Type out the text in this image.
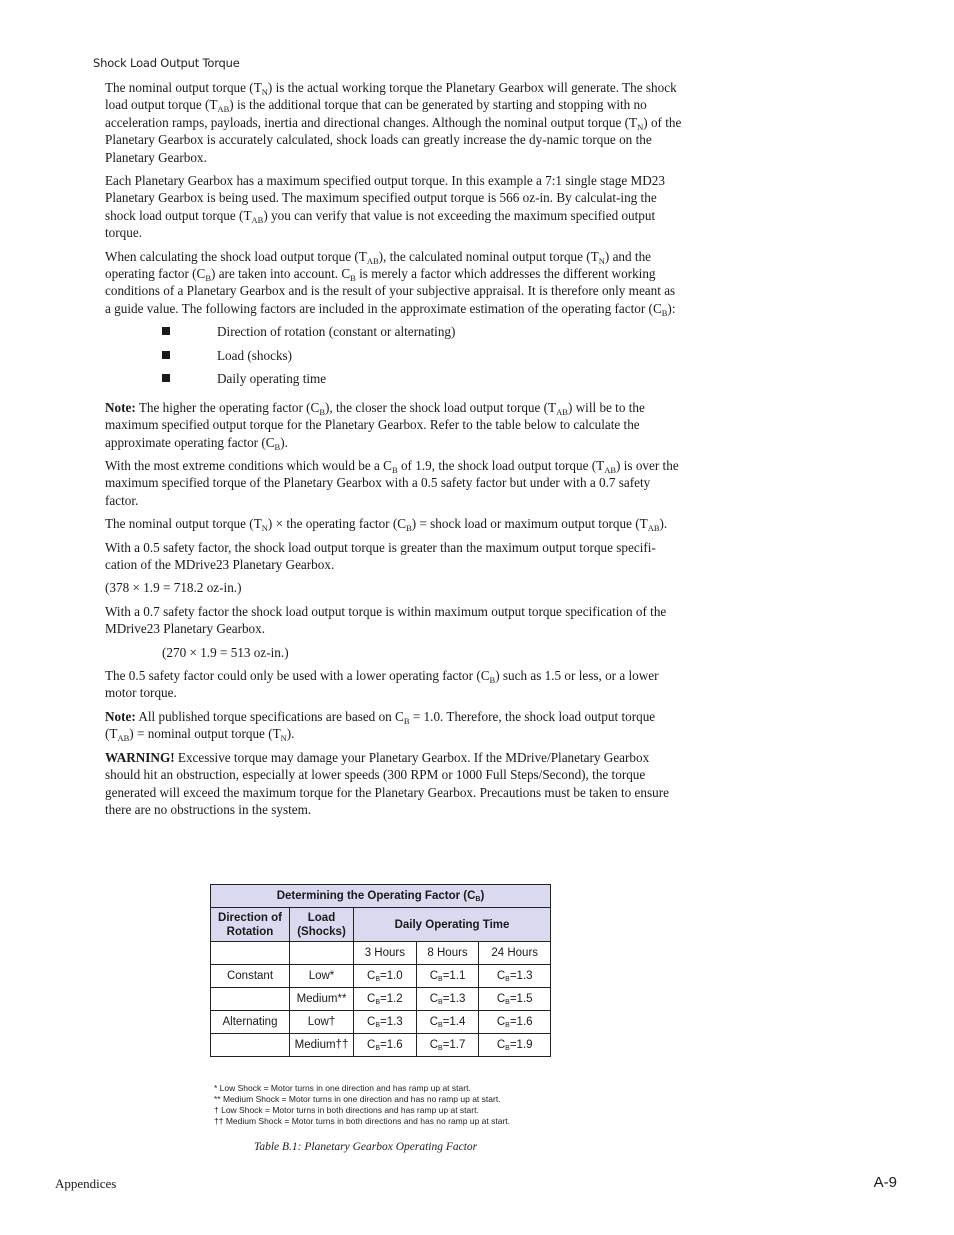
Shock Load Output Torque

The nominal output torque $(T_N)$ is the actual working torque the Planetary Gearbox will generate. The shock load output torque $(T_{AB})$ is the additional torque that can be generated by starting and stopping with no acceleration ramps, payloads, inertia and directional changes. Although the nominal output torque $(T_N)$ of the Planetary Gearbox is accurately calculated, shock loads can greatly increase the dy-namic torque on the Planetary Gearbox.

Each Planetary Gearbox has a maximum specified output torque. In this example a 7:1 single stage MD23 Planetary Gearbox is being used. The maximum specified output torque is 566 oz-in. By calculat-ing the shock load output torque $(T_{AB})$ you can verify that value is not exceeding the maximum specified output torque.

When calculating the shock load output torque $(T_{AB})$, the calculated nominal output torque $(T_N)$ and the operating factor $(C_B)$ are taken into account. $C_B$ is merely a factor which addresses the different working conditions of a Planetary Gearbox and is the result of your subjective appraisal. It is therefore only meant as a guide value. The following factors are included in the approximate estimation of the operating factor $(C_B)$:

Direction of rotation (constant or alternating)
Load (shocks)
Daily operating time

Note: The higher the operating factor $(C_B)$, the closer the shock load output torque $(T_{AB})$ will be to the maximum specified output torque for the Planetary Gearbox. Refer to the table below to calculate the approximate operating factor $(C_B)$.

With the most extreme conditions which would be a $C_B$ of 1.9, the shock load output torque $(T_{AB})$ is over the maximum specified torque of the Planetary Gearbox with a 0.5 safety factor but under with a 0.7 safety factor.

The nominal output torque $(T_N)$ × the operating factor $(C_B)$ = shock load or maximum output torque $(T_{AB})$.

With a 0.5 safety factor, the shock load output torque is greater than the maximum output torque specifi-cation of the MDrive23 Planetary Gearbox.

(378 × 1.9 = 718.2 oz-in.)

With a 0.7 safety factor the shock load output torque is within maximum output torque specification of the MDrive23 Planetary Gearbox.

(270 × 1.9 = 513 oz-in.)

The 0.5 safety factor could only be used with a lower operating factor $(C_B)$ such as 1.5 or less, or a lower motor torque.

Note: All published torque specifications are based on $C_B = 1.0$. Therefore, the shock load output torque $(T_{AB})$ = nominal output torque $(T_N)$.

WARNING! Excessive torque may damage your Planetary Gearbox. If the MDrive/Planetary Gearbox should hit an obstruction, especially at lower speeds (300 RPM or 1000 Full Steps/Second), the torque generated will exceed the maximum torque for the Planetary Gearbox. Precautions must be taken to ensure there are no obstructions in the system.

Determining the Operating Factor $(C_B)$				
Direction of Rotation	Load (Shocks)	Daily Operating Time		
		3 Hours	8 Hours	24 Hours
Constant	Low*	$C_B=1.0$	$C_B=1.1$	$C_B=1.3$
	Medium**	$C_B=1.2$	$C_B=1.3$	$C_B=1.5$
Alternating	Low†	$C_B=1.3$	$C_B=1.4$	$C_B=1.6$
	Medium††	$C_B=1.6$	$C_B=1.7$	$C_B=1.9$
* Low Shock = Motor turns in one direction and has ramp up at start.
** Medium Shock = Motor turns in one direction and has no ramp up at start.
† Low Shock = Motor turns in both directions and has ramp up at start.
†† Medium Shock = Motor turns in both directions and has no ramp up at start.
Table B.1: Planetary Gearbox Operating Factor
Appendices	A-9
